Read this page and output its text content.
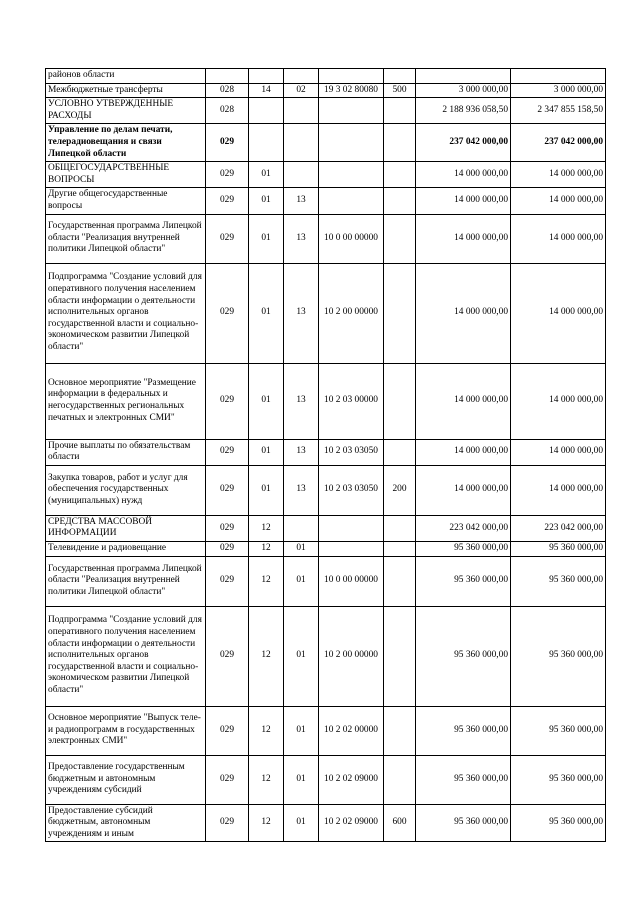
районов области							
Межбюджетные трансферты	028	14	02	19 3 02 80080	500	3 000 000,00	3 000 000,00
УСЛОВНО УТВЕРЖДЕННЫЕ РАСХОДЫ	028					2 188 936 058,50	2 347 855 158,50
Управление по делам печати, телерадиовещания и связи Липецкой области	029					237 042 000,00	237 042 000,00
ОБЩЕГОСУДАРСТВЕННЫЕ ВОПРОСЫ	029	01				14 000 000,00	14 000 000,00
Другие общегосударственные вопросы	029	01	13			14 000 000,00	14 000 000,00
Государственная программа Липецкой области "Реализация внутренней политики Липецкой области"	029	01	13	10 0 00 00000		14 000 000,00	14 000 000,00
Подпрограмма "Создание условий для оперативного получения населением области информации о деятельности исполнительных органов государственной власти и социально-экономическом развитии Липецкой области"	029	01	13	10 2 00 00000		14 000 000,00	14 000 000,00
Основное мероприятие "Размещение информации в федеральных и негосударственных региональных печатных и электронных СМИ"	029	01	13	10 2 03 00000		14 000 000,00	14 000 000,00
Прочие выплаты по обязательствам области	029	01	13	10 2 03 03050		14 000 000,00	14 000 000,00
Закупка товаров, работ и услуг для обеспечения государственных (муниципальных) нужд	029	01	13	10 2 03 03050	200	14 000 000,00	14 000 000,00
СРЕДСТВА МАССОВОЙ ИНФОРМАЦИИ	029	12				223 042 000,00	223 042 000,00
Телевидение и радиовещание	029	12	01			95 360 000,00	95 360 000,00
Государственная программа Липецкой области "Реализация внутренней политики Липецкой области"	029	12	01	10 0 00 00000		95 360 000,00	95 360 000,00
Подпрограмма "Создание условий для оперативного получения населением области информации о деятельности исполнительных органов государственной власти и социально-экономическом развитии Липецкой области"	029	12	01	10 2 00 00000		95 360 000,00	95 360 000,00
Основное мероприятие "Выпуск теле- и радиопрограмм в государственных электронных СМИ"	029	12	01	10 2 02 00000		95 360 000,00	95 360 000,00
Предоставление государственным бюджетным и автономным учреждениям субсидий	029	12	01	10 2 02 09000		95 360 000,00	95 360 000,00
Предоставление субсидий бюджетным, автономным учреждениям и иным	029	12	01	10 2 02 09000	600	95 360 000,00	95 360 000,00
